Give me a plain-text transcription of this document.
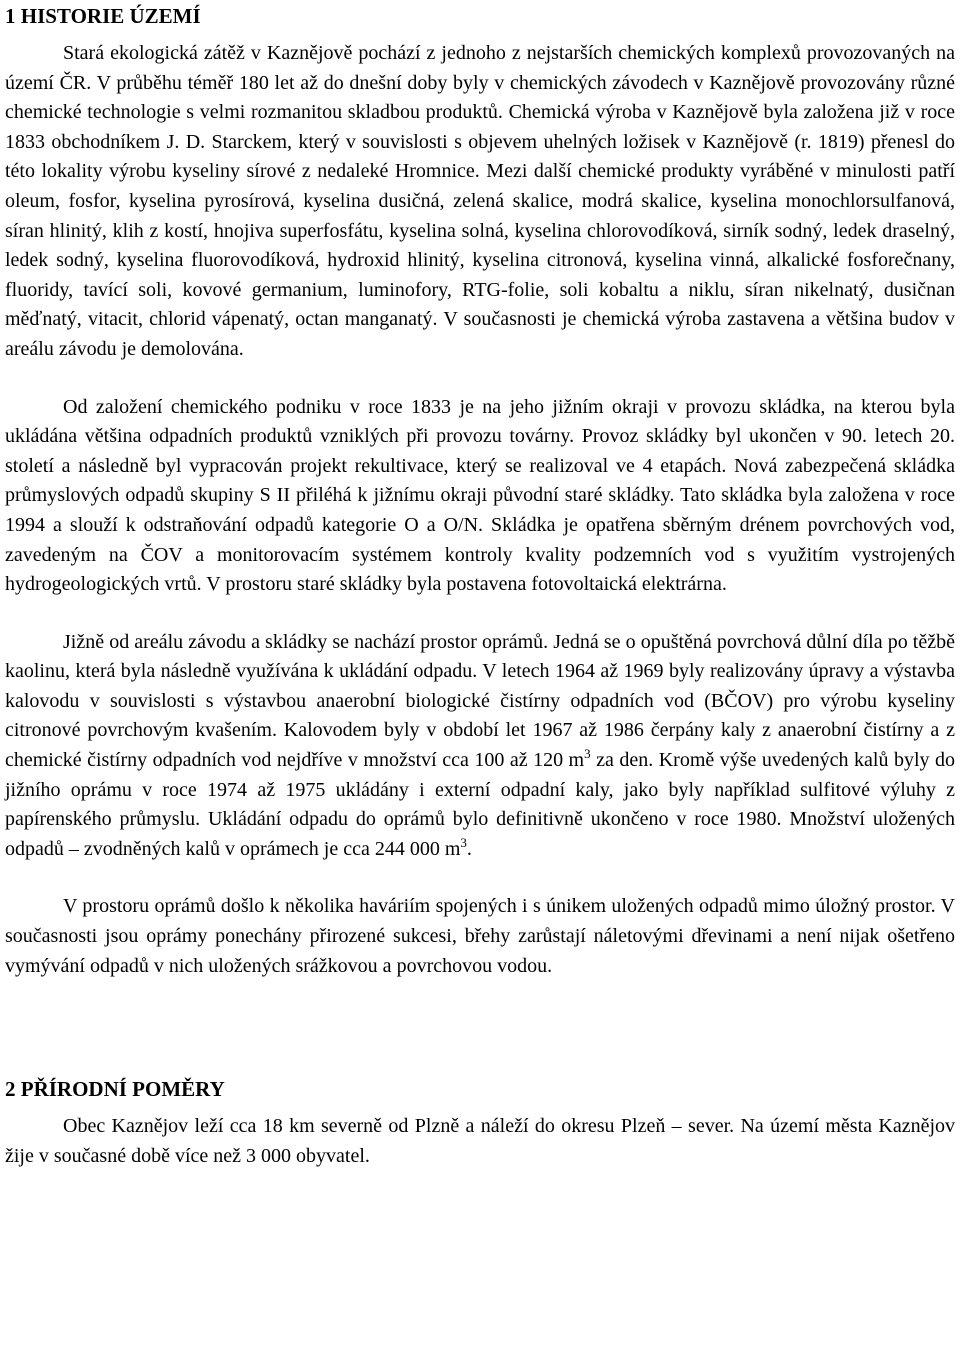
1 HISTORIE ÚZEMÍ

Stará ekologická zátěž v Kaznějově pochází z jednoho z nejstarších chemických komplexů provozovaných na území ČR. V průběhu téměř 180 let až do dnešní doby byly v chemických závodech v Kaznějově provozovány různé chemické technologie s velmi rozmanitou skladbou produktů. Chemická výroba v Kaznějově byla založena již v roce 1833 obchodníkem J. D. Starckem, který v souvislosti s objevem uhelných ložisek v Kaznějově (r. 1819) přenesl do této lokality výrobu kyseliny sírové z nedaleké Hromnice. Mezi další chemické produkty vyráběné v minulosti patří oleum, fosfor, kyselina pyrosírová, kyselina dusičná, zelená skalice, modrá skalice, kyselina monochlorsulfanová, síran hlinitý, klih z kostí, hnojiva superfosfátu, kyselina solná, kyselina chlorovodíková, sirník sodný, ledek draselný, ledek sodný, kyselina fluorovodíková, hydroxid hlinitý, kyselina citronová, kyselina vinná, alkalické fosforečnany, fluoridy, tavící soli, kovové germanium, luminofory, RTG-folie, soli kobaltu a niklu, síran nikelnatý, dusičnan měďnatý, vitacit, chlorid vápenatý, octan manganatý. V současnosti je chemická výroba zastavena a většina budov v areálu závodu je demolována.

Od založení chemického podniku v roce 1833 je na jeho jižním okraji v provozu skládka, na kterou byla ukládána většina odpadních produktů vzniklých při provozu továrny. Provoz skládky byl ukončen v 90. letech 20. století a následně byl vypracován projekt rekultivace, který se realizoval ve 4 etapách. Nová zabezpečená skládka průmyslových odpadů skupiny S II přiléhá k jižnímu okraji původní staré skládky. Tato skládka byla založena v roce 1994 a slouží k odstraňování odpadů kategorie O a O/N. Skládka je opatřena sběrným drénem povrchových vod, zavedeným na ČOV a monitorovacím systémem kontroly kvality podzemních vod s využitím vystrojených hydrogeologických vrtů. V prostoru staré skládky byla postavena fotovoltaická elektrárna.

Jižně od areálu závodu a skládky se nachází prostor oprámů. Jedná se o opuštěná povrchová důlní díla po těžbě kaolinu, která byla následně využívána k ukládání odpadu. V letech 1964 až 1969 byly realizovány úpravy a výstavba kalovodu v souvislosti s výstavbou anaerobní biologické čistírny odpadních vod (BČOV) pro výrobu kyseliny citronové povrchovým kvašením. Kalovodem byly v období let 1967 až 1986 čerpány kaly z anaerobní čistírny a z chemické čistírny odpadních vod nejdříve v množství cca 100 až 120 $m^3$ za den. Kromě výše uvedených kalů byly do jižního oprámu v roce 1974 až 1975 ukládány i externí odpadní kaly, jako byly například sulfitové výluhy z papírenského průmyslu. Ukládání odpadu do oprámů bylo definitivně ukončeno v roce 1980. Množství uložených odpadů – zvodněných kalů v oprámech je cca 244 000 $m^3$.

V prostoru oprámů došlo k několika haváriím spojených i s únikem uložených odpadů mimo úložný prostor. V současnosti jsou oprámy ponechány přirozené sukcesi, břehy zarůstají náletovými dřevinami a není nijak ošetřeno vymývání odpadů v nich uložených srážkovou a povrchovou vodou.

2 PŘÍRODNÍ POMĚRY

Obec Kaznějov leží cca 18 km severně od Plzně a náleží do okresu Plzeň – sever. Na území města Kaznějov žije v současné době více než 3 000 obyvatel.
